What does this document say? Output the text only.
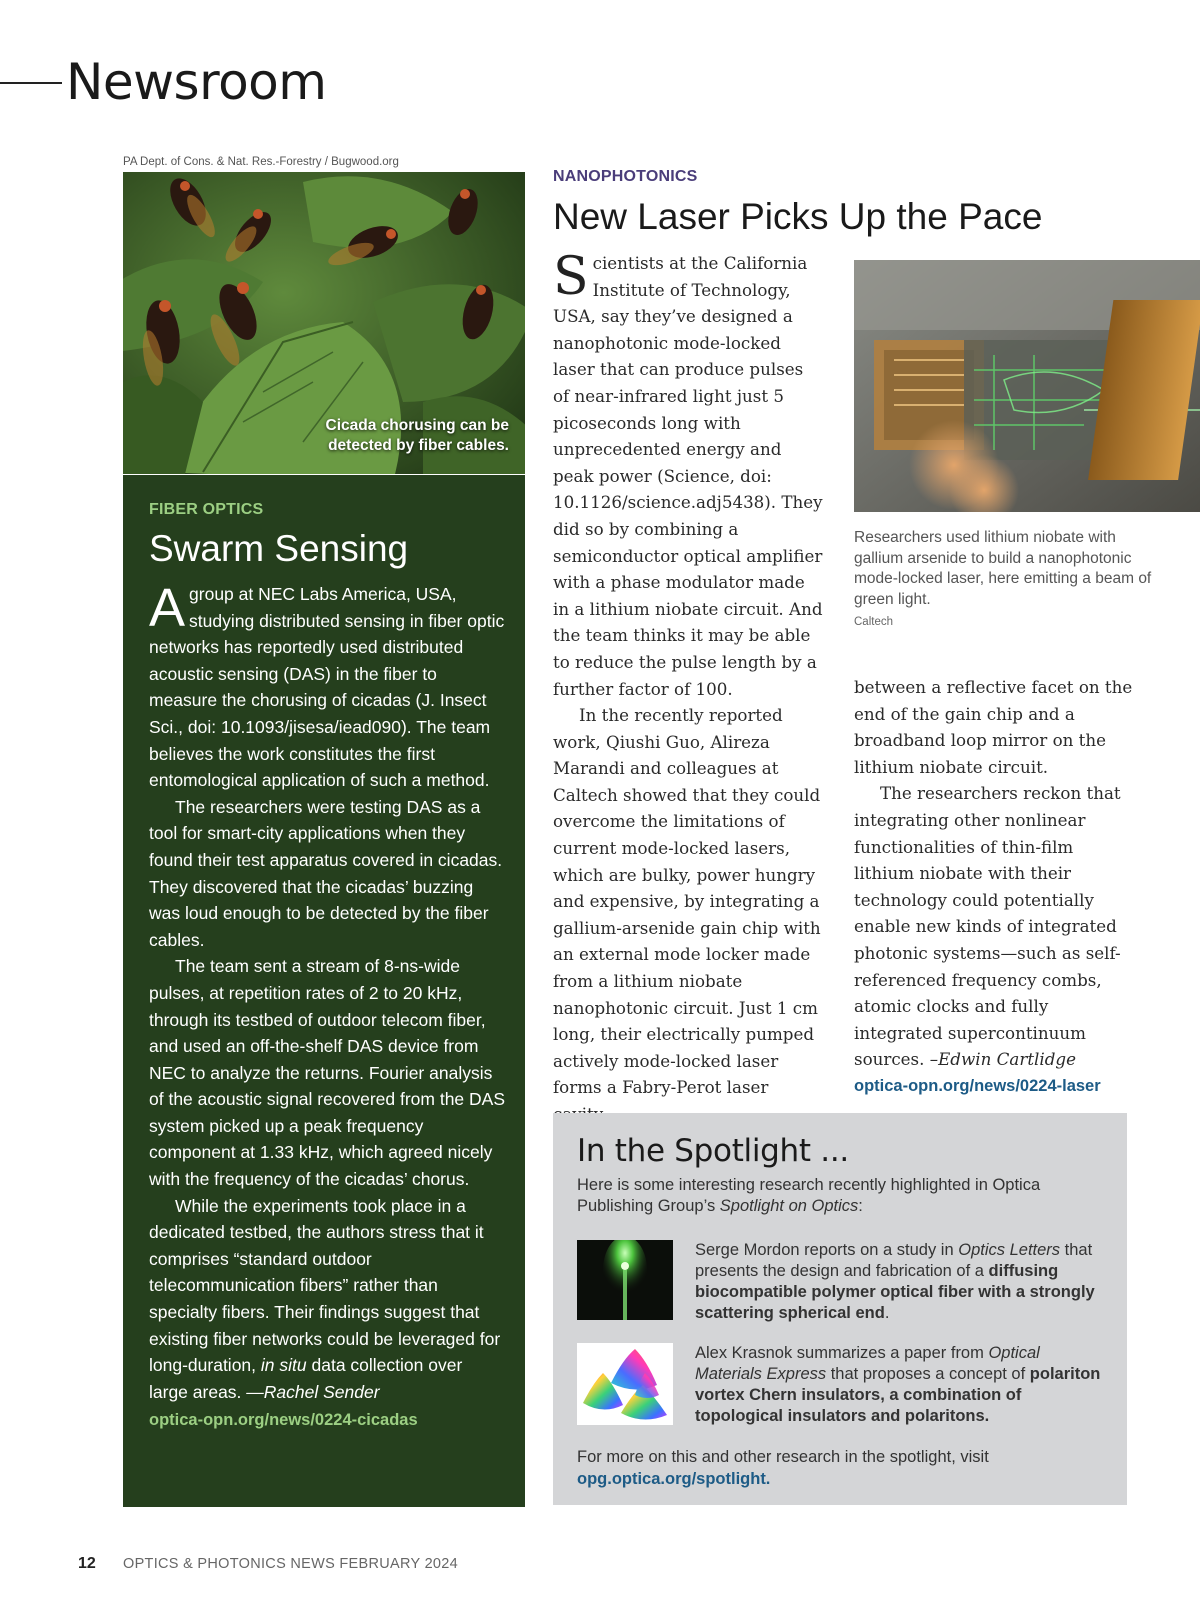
Newsroom
PA Dept. of Cons. & Nat. Res.-Forestry / Bugwood.org
Cicada chorusing can be detected by fiber cables.
FIBER OPTICS
Swarm Sensing

Agroup at NEC Labs America, USA, studying distributed sensing in fiber optic networks has reportedly used distributed acoustic sensing (DAS) in the fiber to measure the chorusing of cicadas (J. Insect Sci., doi: 10.1093/jisesa/iead090). The team believes the work constitutes the first entomological application of such a method.

The researchers were testing DAS as a tool for smart-city applications when they found their test apparatus covered in cicadas. They discovered that the cicadas’ buzzing was loud enough to be detected by the fiber cables.

The team sent a stream of 8-ns-wide pulses, at repetition rates of 2 to 20 kHz, through its testbed of outdoor telecom fiber, and used an off-the-shelf DAS device from NEC to analyze the returns. Fourier analysis of the acoustic signal recovered from the DAS system picked up a peak frequency component at 1.33 kHz, which agreed nicely with the frequency of the cicadas’ chorus.

While the experiments took place in a dedicated testbed, the authors stress that it comprises “standard outdoor telecommunication fibers” rather than specialty fibers. Their findings suggest that existing fiber networks could be leveraged for long-duration, in situ data collection over large areas. —Rachel Sender

optica-opn.org/news/0224-cicadas
NANOPHOTONICS
New Laser Picks Up the Pace

Scientists at the California Institute of Technology, USA, say they’ve designed a nanophotonic mode-locked laser that can produce pulses of near-infrared light just 5 picoseconds long with unprecedented energy and peak power (Science, doi: 10.1126/science.adj5438). They did so by combining a semiconductor optical amplifier with a phase modulator made in a lithium niobate circuit. And the team thinks it may be able to reduce the pulse length by a further factor of 100.

In the recently reported work, Qiushi Guo, Alireza Marandi and colleagues at Caltech showed that they could overcome the limitations of current mode-locked lasers, which are bulky, power hungry and expensive, by integrating a gallium-arsenide gain chip with an external mode locker made from a lithium niobate nanophotonic circuit. Just 1 cm long, their electrically pumped actively mode-locked laser forms a Fabry-Perot laser

Researchers used lithium niobate with gallium arsenide to build a nanophotonic mode-locked laser, here emitting a beam of green light.
Caltech

between a reflective facet on the end of the gain chip and a broadband loop mirror on the lithium niobate circuit.

The researchers reckon that integrating other nonlinear functionalities of thin-film lithium niobate with their technology could potentially enable new kinds of integrated photonic systems—such as self-referenced frequency combs, atomic clocks and fully integrated supercontinuum sources. –Edwin Cartlidge

optica-opn.org/news/0224-laser
In the Spotlight ...
Here is some interesting research recently highlighted in Optica Publishing Group’s Spotlight on Optics:
Serge Mordon reports on a study in Optics Letters that presents the design and fabrication of a diffusing biocompatible polymer optical fiber with a strongly scattering spherical end.
Alex Krasnok summarizes a paper from Optical Materials Express that proposes a concept of polariton vortex Chern insulators, a combination of topological insulators and polaritons.
For more on this and other research in the spotlight, visit
opg.optica.org/spotlight.
12 OPTICS & PHOTONICS NEWS FEBRUARY 2024
